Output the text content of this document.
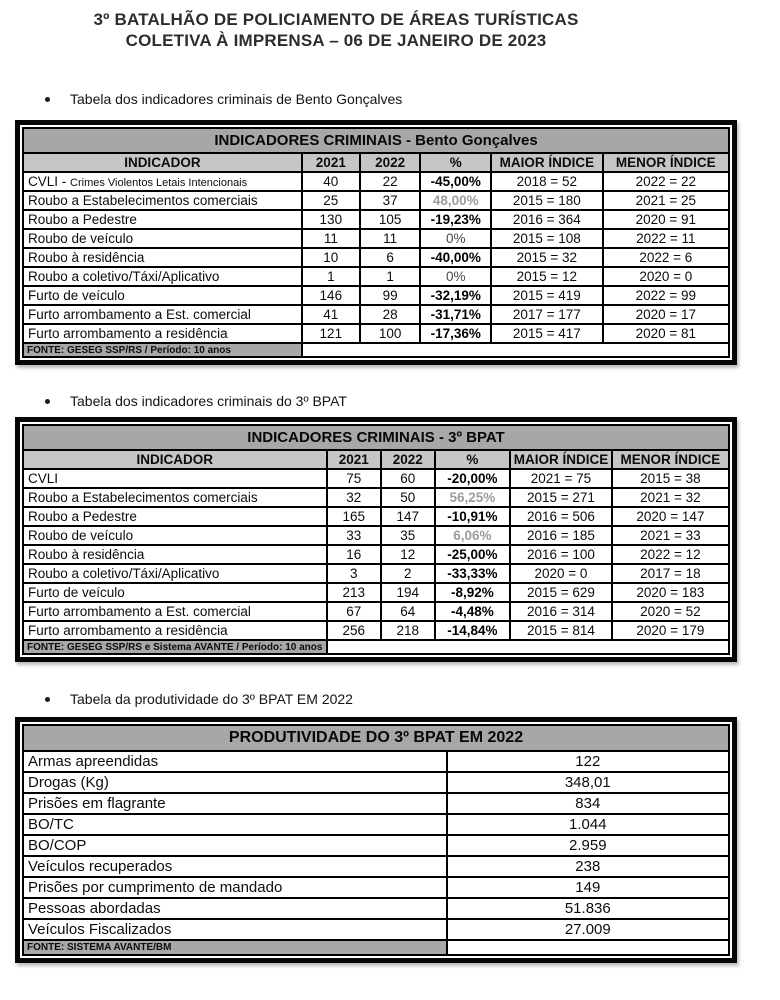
3º BATALHÃO DE POLICIAMENTO DE ÁREAS TURÍSTICAS
COLETIVA À IMPRENSA – 06 DE JANEIRO DE 2023
Tabela dos indicadores criminais de Bento Gonçalves
INDICADORES CRIMINAIS - Bento Gonçalves					
INDICADOR	2021	2022	%	MAIOR ÍNDICE	MENOR ÍNDICE
CVLI - Crimes Violentos Letais Intencionais	40	22	-45,00%	2018 = 52	2022 = 22
Roubo a Estabelecimentos comerciais	25	37	48,00%	2015 = 180	2021 = 25
Roubo a Pedestre	130	105	-19,23%	2016 = 364	2020 = 91
Roubo de veículo	11	11	0%	2015 = 108	2022 = 11
Roubo à residência	10	6	-40,00%	2015 = 32	2022 = 6
Roubo a coletivo/Táxi/Aplicativo	1	1	0%	2015 = 12	2020 = 0
Furto de veículo	146	99	-32,19%	2015 = 419	2022 = 99
Furto arrombamento a Est. comercial	41	28	-31,71%	2017 = 177	2020 = 17
Furto arrombamento a residência	121	100	-17,36%	2015 = 417	2020 = 81
FONTE: GESEG SSP/RS / Período: 10 anos					
Tabela dos indicadores criminais do 3º BPAT
INDICADORES CRIMINAIS - 3º BPAT					
INDICADOR	2021	2022	%	MAIOR ÍNDICE	MENOR ÍNDICE
CVLI	75	60	-20,00%	2021 = 75	2015 = 38
Roubo a Estabelecimentos comerciais	32	50	56,25%	2015 = 271	2021 = 32
Roubo a Pedestre	165	147	-10,91%	2016 = 506	2020 = 147
Roubo de veículo	33	35	6,06%	2016 = 185	2021 = 33
Roubo à residência	16	12	-25,00%	2016 = 100	2022 = 12
Roubo a coletivo/Táxi/Aplicativo	3	2	-33,33%	2020 = 0	2017 = 18
Furto de veículo	213	194	-8,92%	2015 = 629	2020 = 183
Furto arrombamento a Est. comercial	67	64	-4,48%	2016 = 314	2020 = 52
Furto arrombamento a residência	256	218	-14,84%	2015 = 814	2020 = 179
FONTE: GESEG SSP/RS e Sistema AVANTE / Período: 10 anos					
Tabela da produtividade do 3º BPAT EM 2022
PRODUTIVIDADE DO 3º BPAT EM 2022	
Armas apreendidas	122
Drogas (Kg)	348,01
Prisões em flagrante	834
BO/TC	1.044
BO/COP	2.959
Veículos recuperados	238
Prisões por cumprimento de mandado	149
Pessoas abordadas	51.836
Veículos Fiscalizados	27.009
FONTE: SISTEMA AVANTE/BM	
